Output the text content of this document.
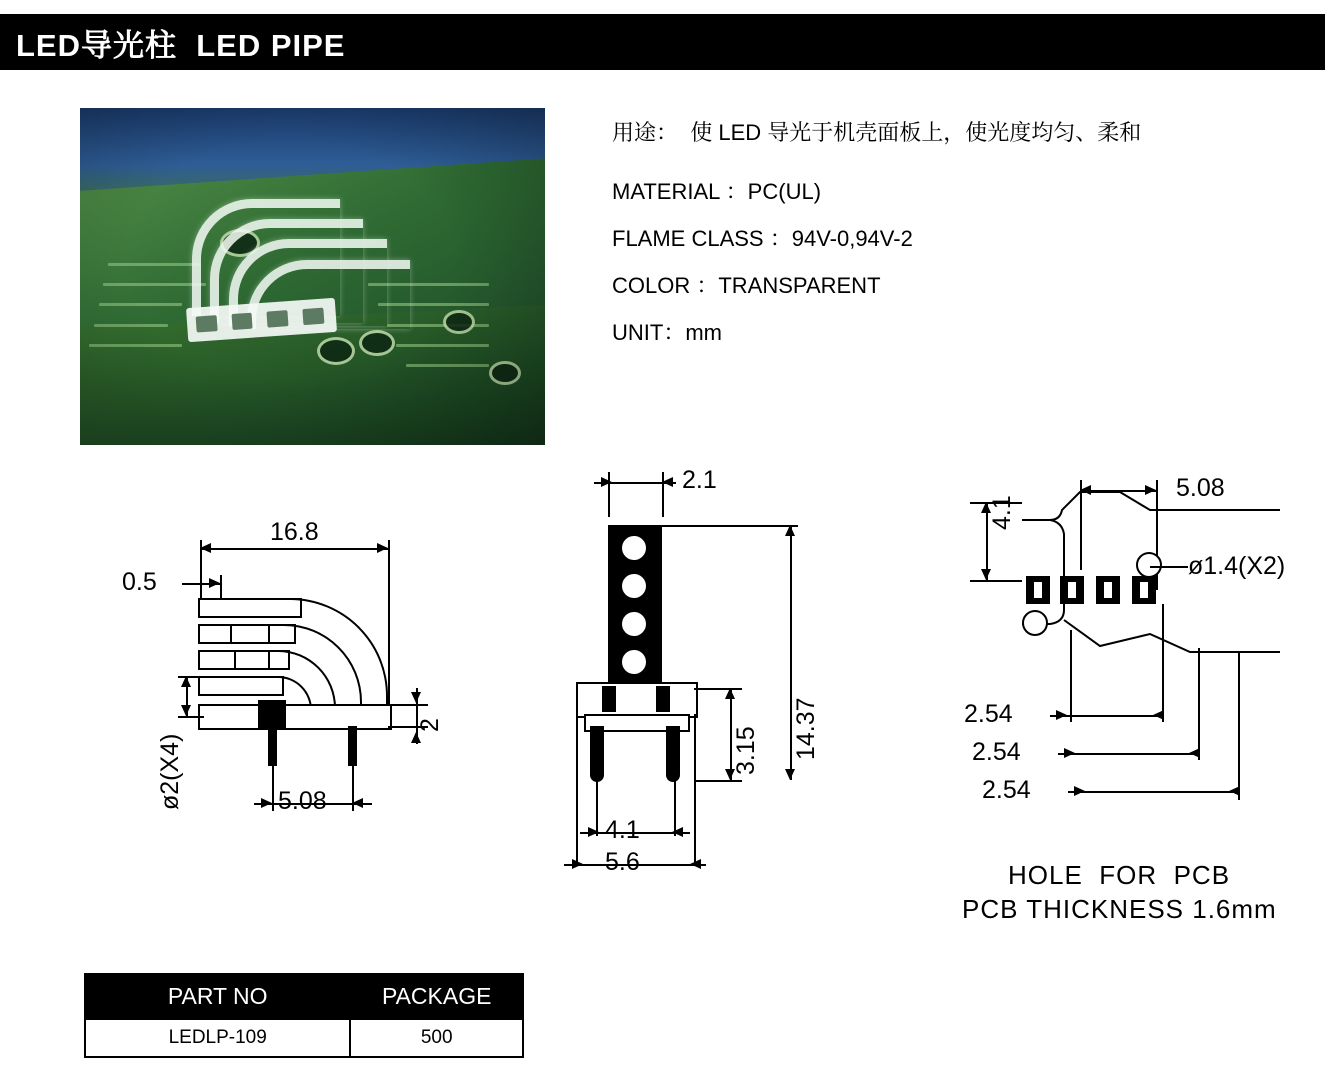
LED导光柱  LED PIPE
用途：  使 LED 导光于机壳面板上，使光度均匀、柔和
MATERIAL ：PC(UL)
FLAME CLASS ：94V-0,94V-2
COLOR ：TRANSPARENT
UNIT：mm
16.8
0.5
ø2(X4)	5.08
2
2.1
3.15 14.37
4.1
5.6
5.08
4.1
ø1.4(X2)
2.54
2.54
2.54
HOLE  FOR  PCB
PCB THICKNESS 1.6mm
PART NO	PACKAGE
LEDLP-109	500
